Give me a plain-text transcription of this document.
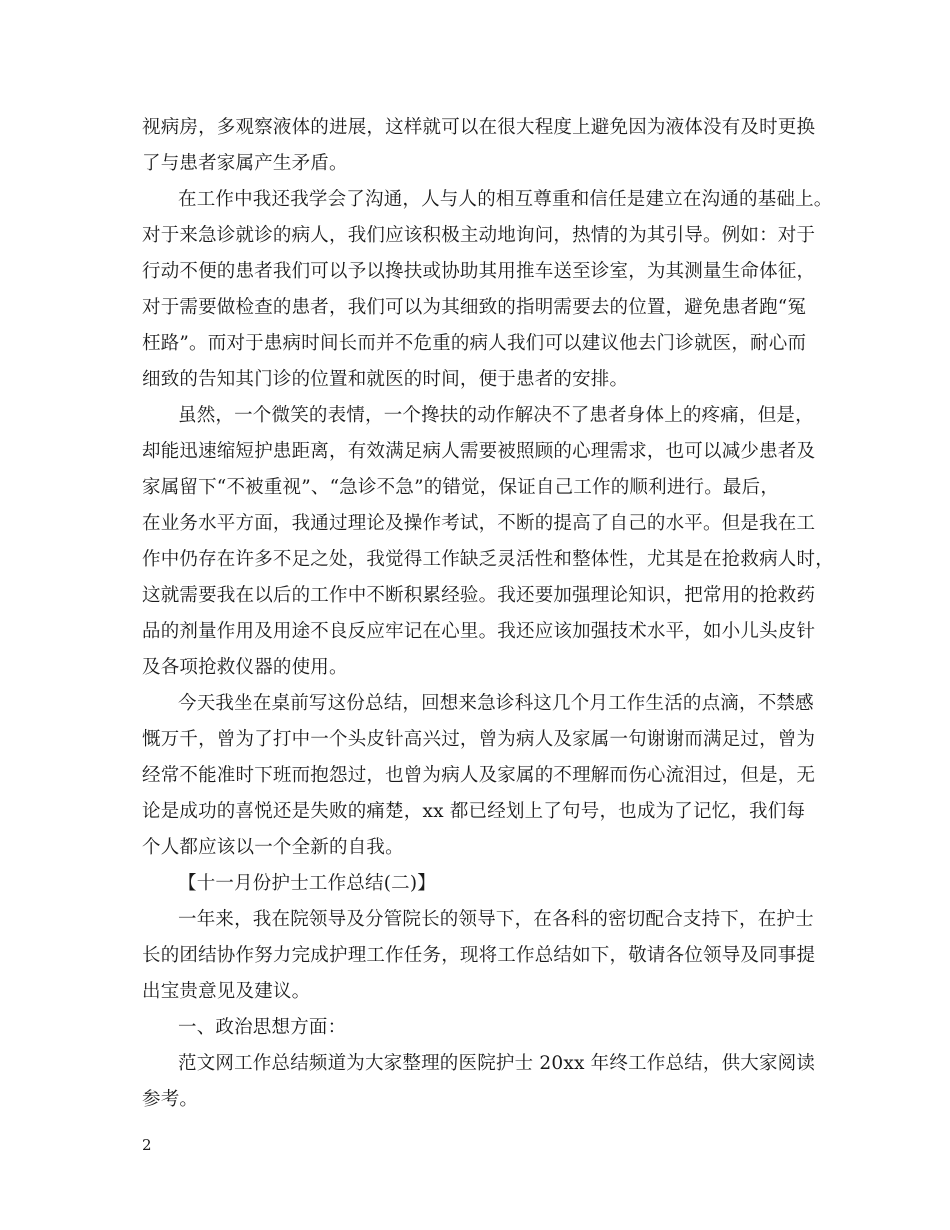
视病房，多观察液体的进展，这样就可以在很大程度上避免因为液体没有及时更换
了与患者家属产生矛盾。
在工作中我还我学会了沟通，人与人的相互尊重和信任是建立在沟通的基础上。
对于来急诊就诊的病人，我们应该积极主动地询问，热情的为其引导。例如：对于
行动不便的患者我们可以予以搀扶或协助其用推车送至诊室，为其测量生命体征，
对于需要做检查的患者，我们可以为其细致的指明需要去的位置，避免患者跑“冤
枉路”。而对于患病时间长而并不危重的病人我们可以建议他去门诊就医，耐心而
细致的告知其门诊的位置和就医的时间，便于患者的安排。
虽然，一个微笑的表情，一个搀扶的动作解决不了患者身体上的疼痛，但是，
却能迅速缩短护患距离，有效满足病人需要被照顾的心理需求，也可以减少患者及
家属留下“不被重视”、“急诊不急”的错觉，保证自己工作的顺利进行。最后，
在业务水平方面，我通过理论及操作考试，不断的提高了自己的水平。但是我在工
作中仍存在许多不足之处，我觉得工作缺乏灵活性和整体性，尤其是在抢救病人时，
这就需要我在以后的工作中不断积累经验。我还要加强理论知识，把常用的抢救药
品的剂量作用及用途不良反应牢记在心里。我还应该加强技术水平，如小儿头皮针
及各项抢救仪器的使用。
今天我坐在桌前写这份总结，回想来急诊科这几个月工作生活的点滴，不禁感
慨万千，曾为了打中一个头皮针高兴过，曾为病人及家属一句谢谢而满足过，曾为
经常不能准时下班而抱怨过，也曾为病人及家属的不理解而伤心流泪过，但是，无
论是成功的喜悦还是失败的痛楚，xx 都已经划上了句号，也成为了记忆，我们每
个人都应该以一个全新的自我。
【十一月份护士工作总结(二)】
一年来，我在院领导及分管院长的领导下，在各科的密切配合支持下，在护士
长的团结协作努力完成护理工作任务，现将工作总结如下，敬请各位领导及同事提
出宝贵意见及建议。
一、政治思想方面：
范文网工作总结频道为大家整理的医院护士 20xx 年终工作总结，供大家阅读
参考。
2
